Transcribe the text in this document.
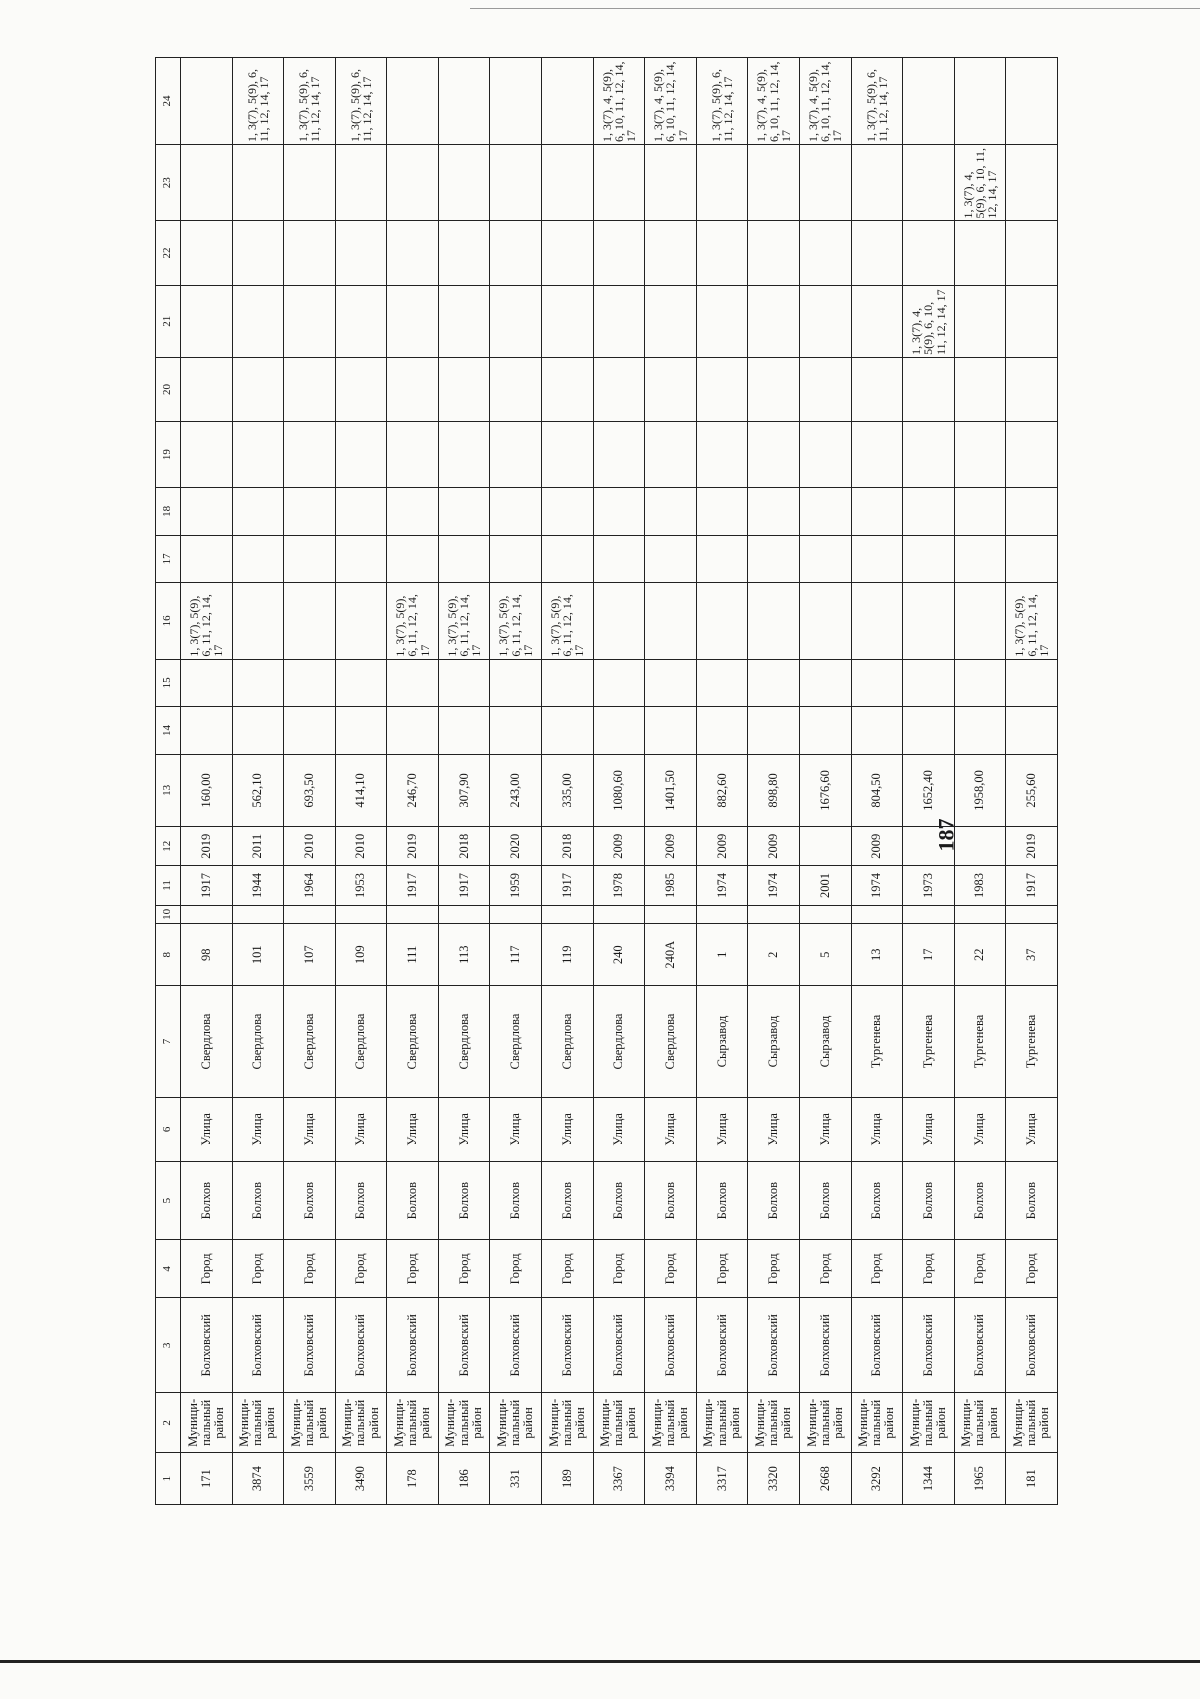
187
1	2	3	4	5	6	7	8	10	11	12	13	14	15	16	17	18	19	20	21	22	23	24
171	Муници-пальный район	Болховский	Город	Болхов	Улица	Свердлова	98		1917	2019	160,00			1, 3(7), 5(9), 6, 11, 12, 14, 17								
3874	Муници-пальный район	Болховский	Город	Болхов	Улица	Свердлова	101		1944	2011	562,10											1, 3(7), 5(9), 6, 11, 12, 14, 17
3559	Муници-пальный район	Болховский	Город	Болхов	Улица	Свердлова	107		1964	2010	693,50											1, 3(7), 5(9), 6, 11, 12, 14, 17
3490	Муници-пальный район	Болховский	Город	Болхов	Улица	Свердлова	109		1953	2010	414,10											1, 3(7), 5(9), 6, 11, 12, 14, 17
178	Муници-пальный район	Болховский	Город	Болхов	Улица	Свердлова	111		1917	2019	246,70			1, 3(7), 5(9), 6, 11, 12, 14, 17								
186	Муници-пальный район	Болховский	Город	Болхов	Улица	Свердлова	113		1917	2018	307,90			1, 3(7), 5(9), 6, 11, 12, 14, 17								
331	Муници-пальный район	Болховский	Город	Болхов	Улица	Свердлова	117		1959	2020	243,00			1, 3(7), 5(9), 6, 11, 12, 14, 17								
189	Муници-пальный район	Болховский	Город	Болхов	Улица	Свердлова	119		1917	2018	335,00			1, 3(7), 5(9), 6, 11, 12, 14, 17								
3367	Муници-пальный район	Болховский	Город	Болхов	Улица	Свердлова	240		1978	2009	1080,60											1, 3(7), 4, 5(9), 6, 10, 11, 12, 14, 17
3394	Муници-пальный район	Болховский	Город	Болхов	Улица	Свердлова	240А		1985	2009	1401,50											1, 3(7), 4, 5(9), 6, 10, 11, 12, 14, 17
3317	Муници-пальный район	Болховский	Город	Болхов	Улица	Сырзавод	1		1974	2009	882,60											1, 3(7), 5(9), 6, 11, 12, 14, 17
3320	Муници-пальный район	Болховский	Город	Болхов	Улица	Сырзавод	2		1974	2009	898,80											1, 3(7), 4, 5(9), 6, 10, 11, 12, 14, 17
2668	Муници-пальный район	Болховский	Город	Болхов	Улица	Сырзавод	5		2001		1676,60											1, 3(7), 4, 5(9), 6, 10, 11, 12, 14, 17
3292	Муници-пальный район	Болховский	Город	Болхов	Улица	Тургенева	13		1974	2009	804,50											1, 3(7), 5(9), 6, 11, 12, 14, 17
1344	Муници-пальный район	Болховский	Город	Болхов	Улица	Тургенева	17		1973		1652,40								1, 3(7), 4, 5(9), 6, 10, 11, 12, 14, 17			
1965	Муници-пальный район	Болховский	Город	Болхов	Улица	Тургенева	22		1983		1958,00										1, 3(7), 4, 5(9), 6, 10, 11, 12, 14, 17	
181	Муници-пальный район	Болховский	Город	Болхов	Улица	Тургенева	37		1917	2019	255,60			1, 3(7), 5(9), 6, 11, 12, 14, 17								
